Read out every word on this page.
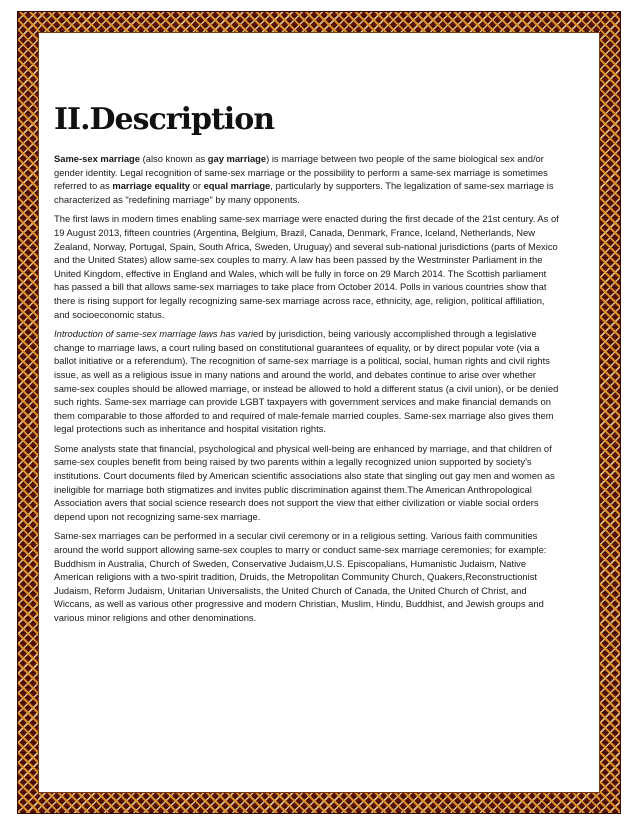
II.Description

Same-sex marriage (also known as gay marriage) is marriage between two people of the same biological sex and/or gender identity. Legal recognition of same-sex marriage or the possibility to perform a same-sex marriage is sometimes referred to as marriage equality or equal marriage, particularly by supporters. The legalization of same-sex marriage is characterized as "redefining marriage" by many opponents.

The first laws in modern times enabling same-sex marriage were enacted during the first decade of the 21st century. As of 19 August 2013, fifteen countries (Argentina, Belgium, Brazil, Canada, Denmark, France, Iceland, Netherlands, New Zealand, Norway, Portugal, Spain, South Africa, Sweden, Uruguay) and several sub-national jurisdictions (parts of Mexico and the United States) allow same-sex couples to marry. A law has been passed by the Westminster Parliament in the United Kingdom, effective in England and Wales, which will be fully in force on 29 March 2014. The Scottish parliament has passed a bill that allows same-sex marriages to take place from October 2014. Polls in various countries show that there is rising support for legally recognizing same-sex marriage across race, ethnicity, age, religion, political affiliation, and socioeconomic status.

Introduction of same-sex marriage laws has varied by jurisdiction, being variously accomplished through a legislative change to marriage laws, a court ruling based on constitutional guarantees of equality, or by direct popular vote (via a ballot initiative or a referendum). The recognition of same-sex marriage is a political, social, human rights and civil rights issue, as well as a religious issue in many nations and around the world, and debates continue to arise over whether same-sex couples should be allowed marriage, or instead be allowed to hold a different status (a civil union), or be denied such rights. Same-sex marriage can provide LGBT taxpayers with government services and make financial demands on them comparable to those afforded to and required of male-female married couples. Same-sex marriage also gives them legal protections such as inheritance and hospital visitation rights.

Some analysts state that financial, psychological and physical well-being are enhanced by marriage, and that children of same-sex couples benefit from being raised by two parents within a legally recognized union supported by society's institutions. Court documents filed by American scientific associations also state that singling out gay men and women as ineligible for marriage both stigmatizes and invites public discrimination against them.The American Anthropological Association avers that social science research does not support the view that either civilization or viable social orders depend upon not recognizing same-sex marriage.

Same-sex marriages can be performed in a secular civil ceremony or in a religious setting. Various faith communities around the world support allowing same-sex couples to marry or conduct same-sex marriage ceremonies; for example: Buddhism in Australia, Church of Sweden, Conservative Judaism,U.S. Episcopalians, Humanistic Judaism, Native American religions with a two-spirit tradition, Druids, the Metropolitan Community Church, Quakers,Reconstructionist Judaism, Reform Judaism, Unitarian Universalists, the United Church of Canada, the United Church of Christ, and Wiccans, as well as various other progressive and modern Christian, Muslim, Hindu, Buddhist, and Jewish groups and various minor religions and other denominations.
